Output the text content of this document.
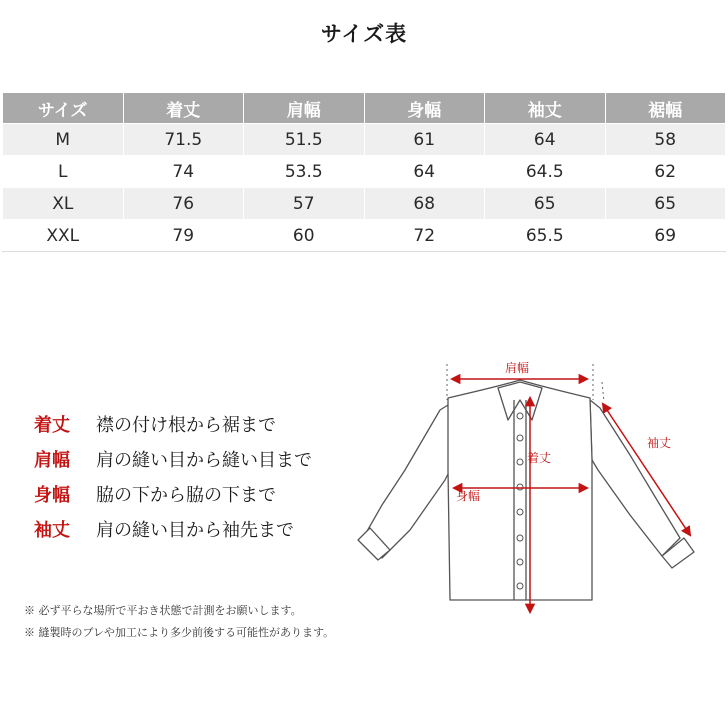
サイズ表
サイズ	着丈	肩幅	身幅	袖丈	裾幅
M	71.5	51.5	61	64	58
L	74	53.5	64	64.5	62
XL	76	57	68	65	65
XXL	79	60	72	65.5	69
着丈	襟の付け根から裾まで
肩幅	肩の縫い目から縫い目まで
身幅	脇の下から脇の下まで
袖丈	肩の縫い目から袖先まで
※ 必ず平らな場所で平おき状態で計測をお願いします。
※ 縫製時のブレや加工により多少前後する可能性があります。
肩幅
着丈
身幅
袖丈
